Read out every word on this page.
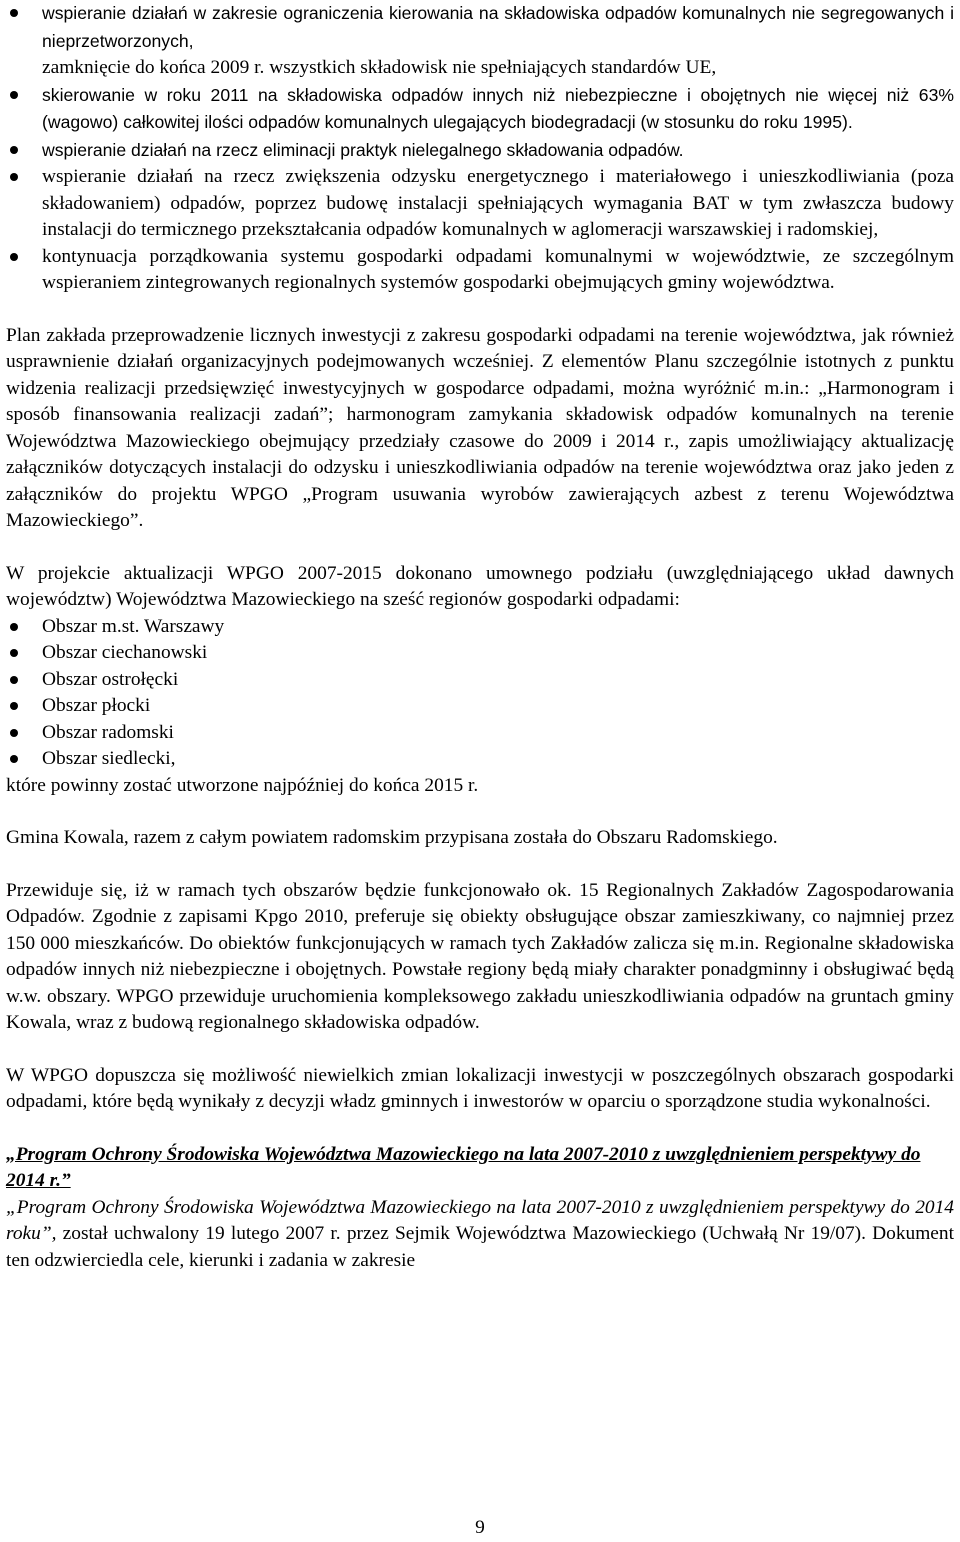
wspieranie działań w zakresie ograniczenia kierowania na składowiska odpadów komunalnych nie segregowanych i nieprzetworzonych,
zamknięcie do końca 2009 r. wszystkich składowisk nie spełniających standardów UE,
skierowanie w roku 2011 na składowiska odpadów innych niż niebezpieczne i obojętnych nie więcej niż 63% (wagowo) całkowitej ilości odpadów komunalnych ulegających biodegradacji (w stosunku do roku 1995).
wspieranie działań na rzecz eliminacji praktyk nielegalnego składowania odpadów.
wspieranie działań na rzecz zwiększenia odzysku energetycznego i materiałowego i unieszkodliwiania (poza składowaniem) odpadów, poprzez budowę instalacji spełniających wymagania BAT w tym zwłaszcza budowy instalacji do termicznego przekształcania odpadów komunalnych w aglomeracji warszawskiej i radomskiej,
kontynuacja porządkowania systemu gospodarki odpadami komunalnymi w województwie, ze szczególnym wspieraniem zintegrowanych regionalnych systemów gospodarki obejmujących gminy województwa.

Plan zakłada przeprowadzenie licznych inwestycji z zakresu gospodarki odpadami na terenie województwa, jak również usprawnienie działań organizacyjnych podejmowanych wcześniej. Z elementów Planu szczególnie istotnych z punktu widzenia realizacji przedsięwzięć inwestycyjnych w gospodarce odpadami, można wyróżnić m.in.: „Harmonogram i sposób finansowania realizacji zadań”; harmonogram zamykania składowisk odpadów komunalnych na terenie Województwa Mazowieckiego obejmujący przedziały czasowe do 2009 i 2014 r., zapis umożliwiający aktualizację załączników dotyczących instalacji do odzysku i unieszkodliwiania odpadów na terenie województwa oraz jako jeden z załączników do projektu WPGO „Program usuwania wyrobów zawierających azbest z terenu Województwa Mazowieckiego”.

W projekcie aktualizacji WPGO 2007-2015 dokonano umownego podziału (uwzględniającego układ dawnych województw) Województwa Mazowieckiego na sześć regionów gospodarki odpadami:

Obszar m.st. Warszawy
Obszar ciechanowski
Obszar ostrołęcki
Obszar płocki
Obszar radomski
Obszar siedlecki,

które powinny zostać utworzone najpóźniej do końca 2015 r.

Gmina Kowala, razem z całym powiatem radomskim przypisana została do Obszaru Radomskiego.

Przewiduje się, iż w ramach tych obszarów będzie funkcjonowało ok. 15 Regionalnych Zakładów Zagospodarowania Odpadów. Zgodnie z zapisami Kpgo 2010, preferuje się obiekty obsługujące obszar zamieszkiwany, co najmniej przez 150 000 mieszkańców. Do obiektów funkcjonujących w ramach tych Zakładów zalicza się m.in. Regionalne składowiska odpadów innych niż niebezpieczne i obojętnych. Powstałe regiony będą miały charakter ponadgminny i obsługiwać będą w.w. obszary. WPGO przewiduje uruchomienia kompleksowego zakładu unieszkodliwiania odpadów na gruntach gminy Kowala, wraz z budową regionalnego składowiska odpadów.

W WPGO dopuszcza się możliwość niewielkich zmian lokalizacji inwestycji w poszczególnych obszarach gospodarki odpadami, które będą wynikały z decyzji władz gminnych i inwestorów w oparciu o sporządzone studia wykonalności.

„Program Ochrony Środowiska Województwa Mazowieckiego na lata 2007-2010 z uwzględnieniem perspektywy do 2014 r.”

„Program Ochrony Środowiska Województwa Mazowieckiego na lata 2007-2010 z uwzględnieniem perspektywy do 2014 roku”, został uchwalony 19 lutego 2007 r. przez Sejmik Województwa Mazowieckiego (Uchwałą Nr 19/07). Dokument ten odzwierciedla cele, kierunki i zadania w zakresie

9
